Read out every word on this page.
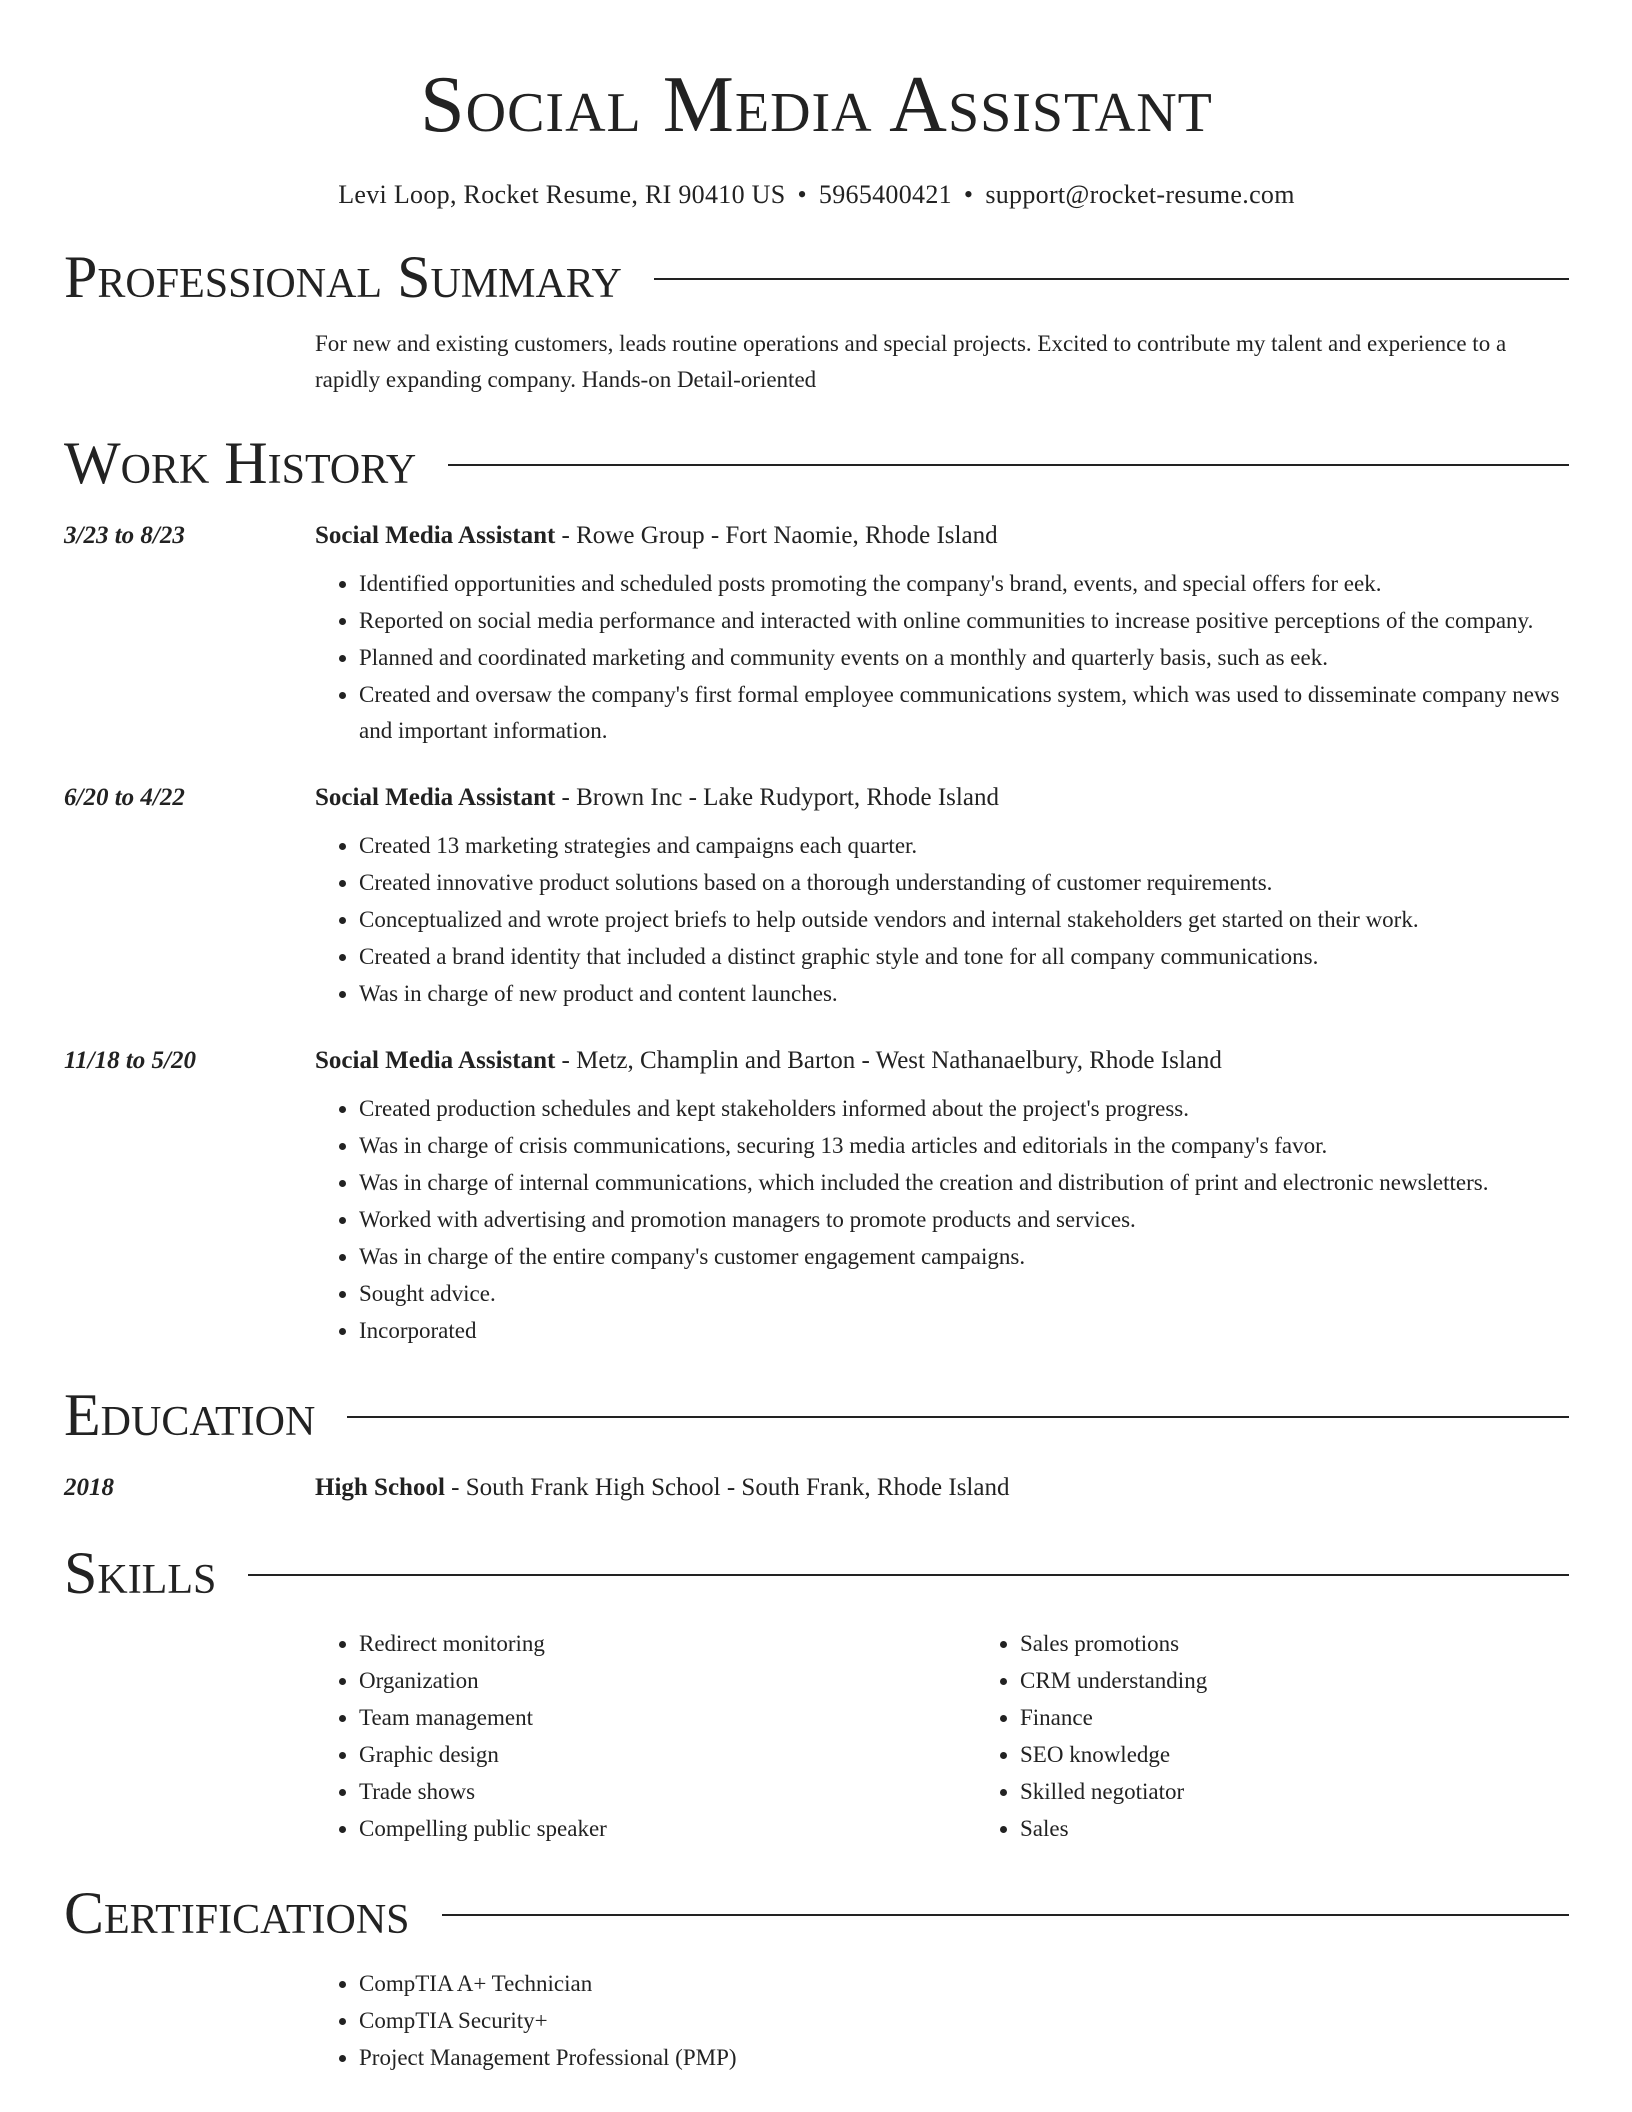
Social Media Assistant
Levi Loop, Rocket Resume, RI 90410 US • 5965400421 • support@rocket-resume.com
Professional Summary
For new and existing customers, leads routine operations and special projects. Excited to contribute my talent and experience to a rapidly expanding company. Hands-on Detail-oriented
Work History
3/23 to 8/23	Social Media Assistant - Rowe Group - Fort Naomie, Rhode Island
• Identified opportunities and scheduled posts promoting the company's brand, events, and special offers for eek.
• Reported on social media performance and interacted with online communities to increase positive perceptions of the company.
• Planned and coordinated marketing and community events on a monthly and quarterly basis, such as eek.
• Created and oversaw the company's first formal employee communications system, which was used to disseminate company news and important information.
6/20 to 4/22	Social Media Assistant - Brown Inc - Lake Rudyport, Rhode Island
• Created 13 marketing strategies and campaigns each quarter.
• Created innovative product solutions based on a thorough understanding of customer requirements.
• Conceptualized and wrote project briefs to help outside vendors and internal stakeholders get started on their work.
• Created a brand identity that included a distinct graphic style and tone for all company communications.
• Was in charge of new product and content launches.
11/18 to 5/20	Social Media Assistant - Metz, Champlin and Barton - West Nathanaelbury, Rhode Island
• Created production schedules and kept stakeholders informed about the project's progress.
• Was in charge of crisis communications, securing 13 media articles and editorials in the company's favor.
• Was in charge of internal communications, which included the creation and distribution of print and electronic newsletters.
• Worked with advertising and promotion managers to promote products and services.
• Was in charge of the entire company's customer engagement campaigns.
• Sought advice.
• Incorporated
Education
2018	High School - South Frank High School - South Frank, Rhode Island
Skills
• Redirect monitoring
• Organization
• Team management
• Graphic design
• Trade shows
• Compelling public speaker
• Sales promotions
• CRM understanding
• Finance
• SEO knowledge
• Skilled negotiator
• Sales
Certifications
• CompTIA A+ Technician
• CompTIA Security+
• Project Management Professional (PMP)
